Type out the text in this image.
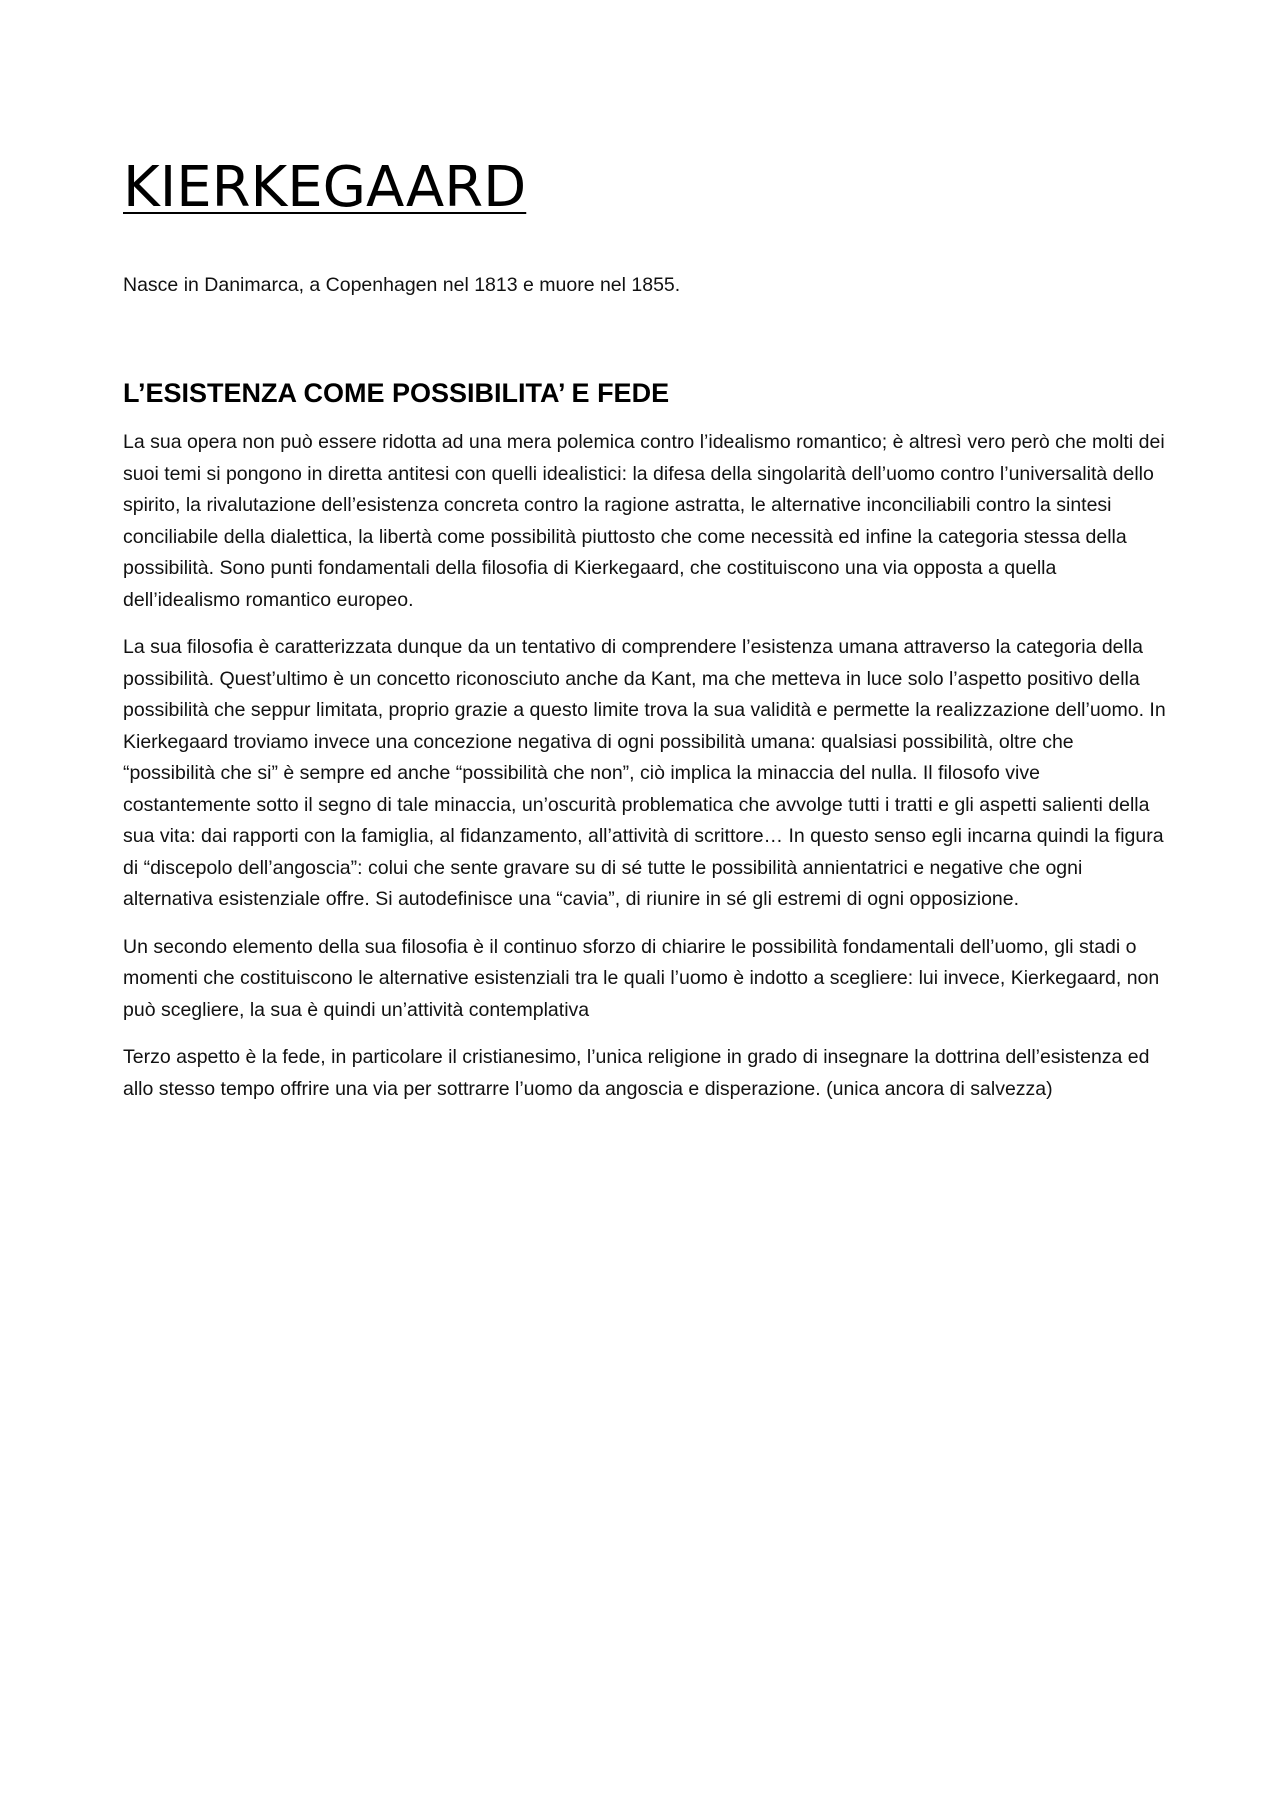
KIERKEGAARD

Nasce in Danimarca, a Copenhagen nel 1813 e muore nel 1855.

L’ESISTENZA COME POSSIBILITA’ E FEDE

La sua opera non può essere ridotta ad una mera polemica contro l’idealismo romantico; è altresì vero però che molti dei suoi temi si pongono in diretta antitesi con quelli idealistici: la difesa della singolarità dell’uomo contro l’universalità dello spirito, la rivalutazione dell’esistenza concreta contro la ragione astratta, le alternative inconciliabili contro la sintesi conciliabile della dialettica, la libertà come possibilità piuttosto che come necessità ed infine la categoria stessa della possibilità. Sono punti fondamentali della filosofia di Kierkegaard, che costituiscono una via opposta a quella dell’idealismo romantico europeo.

La sua filosofia è caratterizzata dunque da un tentativo di comprendere l’esistenza umana attraverso la categoria della possibilità. Quest’ultimo è un concetto riconosciuto anche da Kant, ma che metteva in luce solo l’aspetto positivo della possibilità che seppur limitata, proprio grazie a questo limite trova la sua validità e permette la realizzazione dell’uomo. In Kierkegaard troviamo invece una concezione negativa di ogni possibilità umana: qualsiasi possibilità, oltre che “possibilità che si” è sempre ed anche “possibilità che non”, ciò implica la minaccia del nulla. Il filosofo vive costantemente sotto il segno di tale minaccia, un’oscurità problematica che avvolge tutti i tratti e gli aspetti salienti della sua vita: dai rapporti con la famiglia, al fidanzamento, all’attività di scrittore… In questo senso egli incarna quindi la figura di “discepolo dell’angoscia”: colui che sente gravare su di sé tutte le possibilità annientatrici e negative che ogni alternativa esistenziale offre. Si autodefinisce una “cavia”, di riunire in sé gli estremi di ogni opposizione.

Un secondo elemento della sua filosofia è il continuo sforzo di chiarire le possibilità fondamentali dell’uomo, gli stadi o momenti che costituiscono le alternative esistenziali tra le quali l’uomo è indotto a scegliere: lui invece, Kierkegaard, non può scegliere, la sua è quindi un’attività contemplativa

Terzo aspetto è la fede, in particolare il cristianesimo, l’unica religione in grado di insegnare la dottrina dell’esistenza ed allo stesso tempo offrire una via per sottrarre l’uomo da angoscia e disperazione. (unica ancora di salvezza)
